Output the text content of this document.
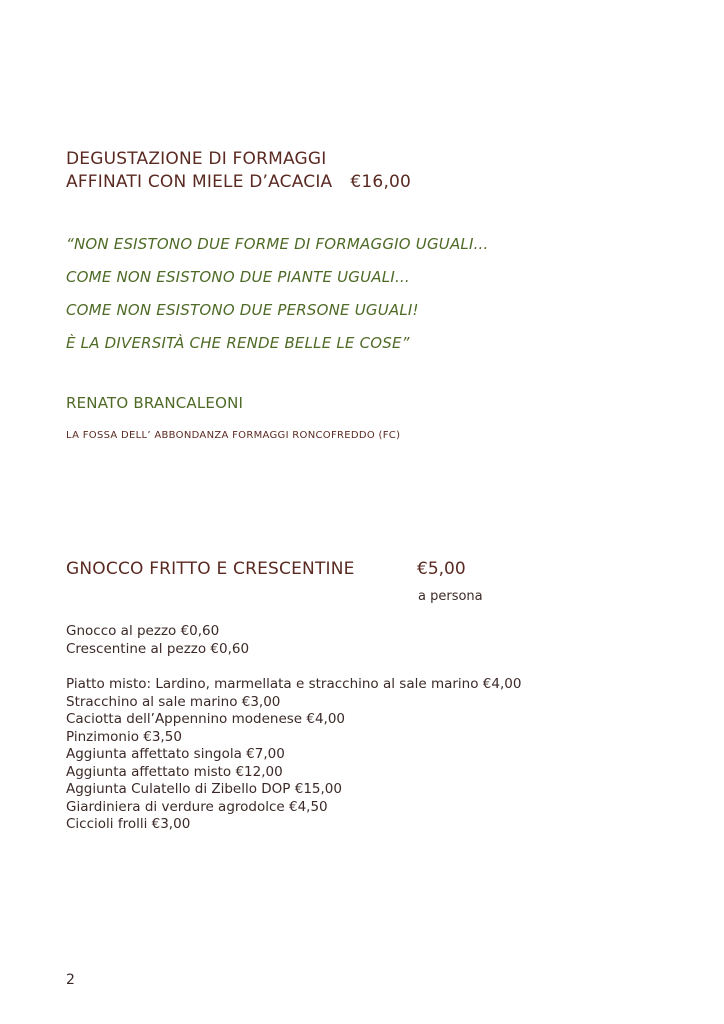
DEGUSTAZIONE DI FORMAGGI
AFFINATI CON MIELE D’ACACIA €16,00
“NON ESISTONO DUE FORME DI FORMAGGIO UGUALI...
COME NON ESISTONO DUE PIANTE UGUALI...
COME NON ESISTONO DUE PERSONE UGUALI!
È LA DIVERSITÀ CHE RENDE BELLE LE COSE”
RENATO BRANCALEONI
LA FOSSA DELL’ ABBONDANZA FORMAGGI RONCOFREDDO (FC)
GNOCCO FRITTO E CRESCENTINE	€5,00
a persona
Gnocco al pezzo €0,60
Crescentine al pezzo €0,60
Piatto misto: Lardino, marmellata e stracchino al sale marino €4,00
Stracchino al sale marino €3,00
Caciotta dell’Appennino modenese €4,00
Pinzimonio €3,50
Aggiunta affettato singola €7,00
Aggiunta affettato misto €12,00
Aggiunta Culatello di Zibello DOP €15,00
Giardiniera di verdure agrodolce €4,50
Ciccioli frolli €3,00
2
